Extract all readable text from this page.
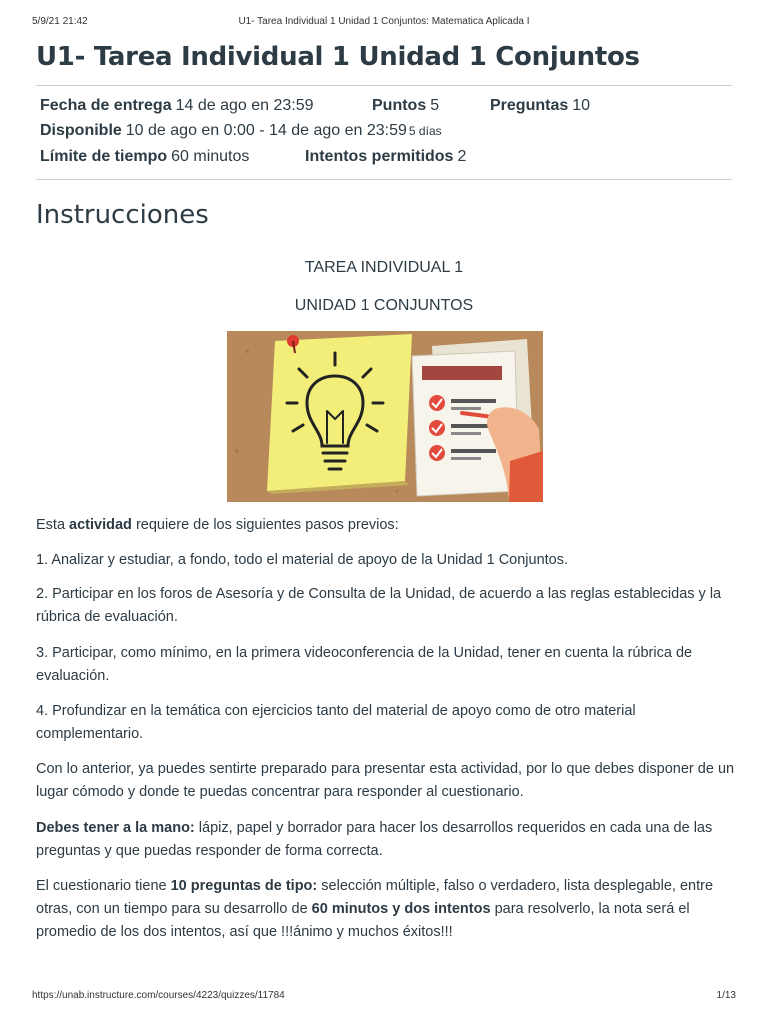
5/9/21 21:42	U1- Tarea Individual 1 Unidad 1 Conjuntos: Matematica Aplicada I
U1- Tarea Individual 1 Unidad 1 Conjuntos
Fecha de entrega 14 de ago en 23:59	Puntos 5	Preguntas 10
Disponible 10 de ago en 0:00 - 14 de ago en 23:59 5 días
Límite de tiempo 60 minutos	Intentos permitidos 2
Instrucciones
TAREA INDIVIDUAL 1
UNIDAD 1 CONJUNTOS

Esta actividad requiere de los siguientes pasos previos:

1. Analizar y estudiar, a fondo, todo el material de apoyo de la Unidad 1 Conjuntos.

2. Participar en los foros de Asesoría y de Consulta de la Unidad, de acuerdo a las reglas establecidas y la rúbrica de evaluación.

3. Participar, como mínimo, en la primera videoconferencia de la Unidad, tener en cuenta la rúbrica de evaluación.

4. Profundizar en la temática con ejercicios tanto del material de apoyo como de otro material complementario.

Con lo anterior, ya puedes sentirte preparado para presentar esta actividad, por lo que debes disponer de un lugar cómodo y donde te puedas concentrar para responder al cuestionario.

Debes tener a la mano: lápiz, papel y borrador para hacer los desarrollos requeridos en cada una de las preguntas y que puedas responder de forma correcta.

El cuestionario tiene 10 preguntas de tipo: selección múltiple, falso o verdadero, lista desplegable, entre otras, con un tiempo para su desarrollo de 60 minutos y dos intentos para resolverlo, la nota será el promedio de los dos intentos, así que !!!ánimo y muchos éxitos!!!

https://unab.instructure.com/courses/4223/quizzes/11784	1/13
